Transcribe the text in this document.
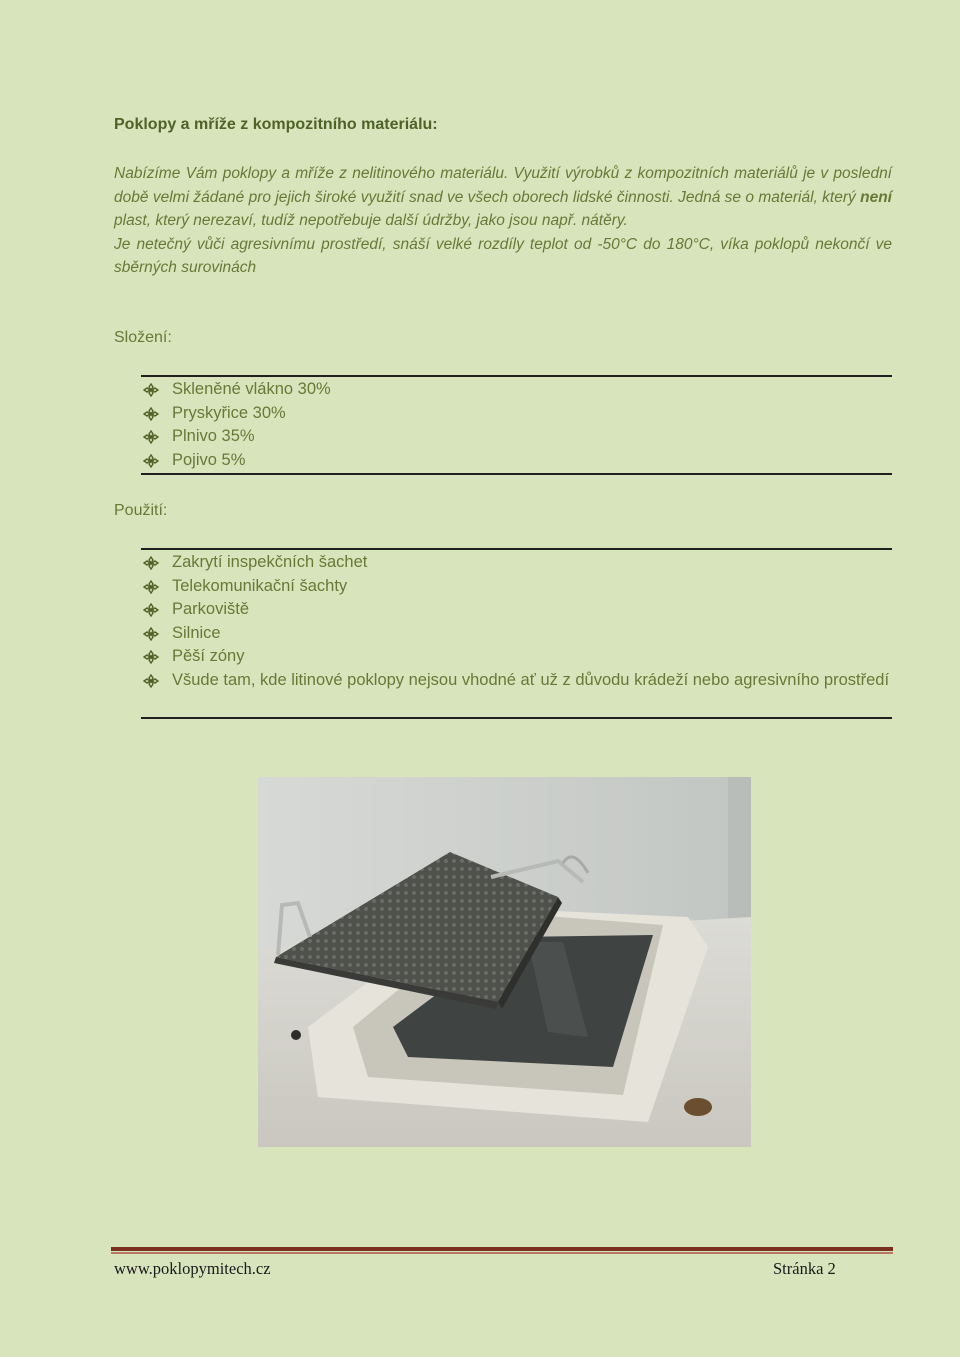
Poklopy a mříže z kompozitního materiálu:

Nabízíme Vám poklopy a mříže z nelitinového materiálu. Využití výrobků z kompozitních materiálů je v poslední době velmi žádané pro jejich široké využití snad ve všech oborech lidské činnosti. Jedná se o materiál, který není plast, který nerezaví, tudíž nepotřebuje další údržby, jako jsou např. nátěry.

Je netečný vůči agresivnímu prostředí, snáší velké rozdíly teplot od -50°C do 180°C, víka poklopů nekončí ve sběrných surovinách

Složení:
Skleněné vlákno 30%
Pryskyřice 30%
Plnivo 35%
Pojivo 5%
Použití:
Zakrytí inspekčních šachet
Telekomunikační šachty
Parkoviště
Silnice
Pěší zóny
Všude tam, kde litinové poklopy nejsou vhodné ať už z důvodu krádeží nebo agresivního prostředí
www.poklopymitech.cz	Stránka 2
